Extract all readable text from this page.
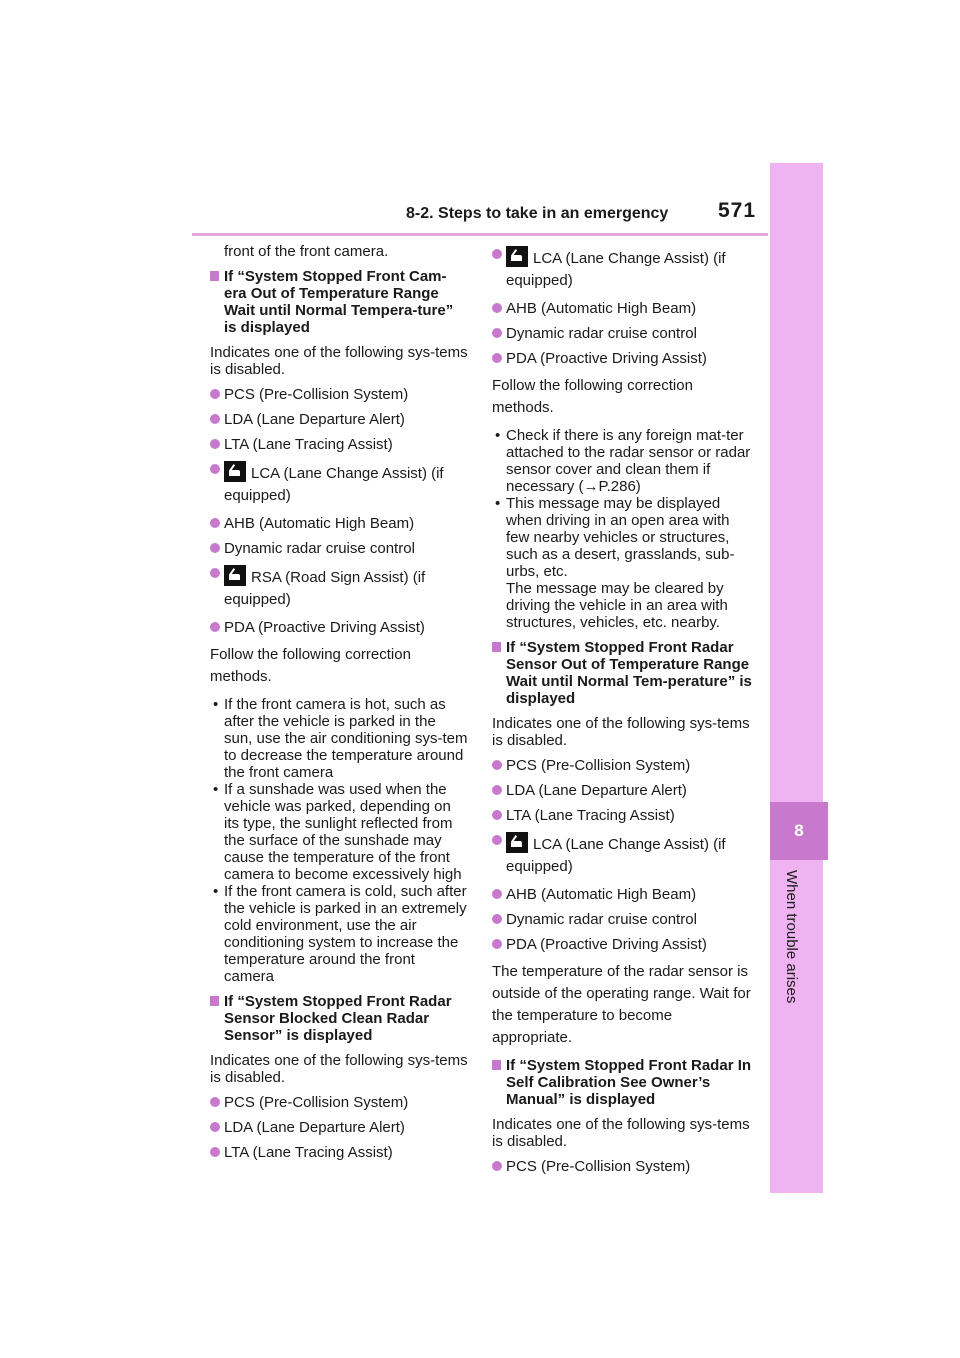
8-2. Steps to take in an emergency 571
8
When trouble arises
front of the front camera.
If “System Stopped Front Cam-era Out of Temperature Range Wait until Normal Tempera-ture” is displayed
Indicates one of the following sys-tems is disabled.
PCS (Pre-Collision System)
LDA (Lane Departure Alert)
LTA (Lane Tracing Assist)
LCA (Lane Change Assist) (if equipped)
AHB (Automatic High Beam)
Dynamic radar cruise control
RSA (Road Sign Assist) (if equipped)
PDA (Proactive Driving Assist)
Follow the following correction methods.
• If the front camera is hot, such as after the vehicle is parked in the sun, use the air conditioning sys-tem to decrease the temperature around the front camera
• If a sunshade was used when the vehicle was parked, depending on its type, the sunlight reflected from the surface of the sunshade may cause the temperature of the front camera to become excessively high
• If the front camera is cold, such after the vehicle is parked in an extremely cold environment, use the air conditioning system to increase the temperature around the front camera
If “System Stopped Front Radar Sensor Blocked Clean Radar Sensor” is displayed
Indicates one of the following sys-tems is disabled.
PCS (Pre-Collision System)
LDA (Lane Departure Alert)
LTA (Lane Tracing Assist)
LCA (Lane Change Assist) (if equipped)
AHB (Automatic High Beam)
Dynamic radar cruise control
PDA (Proactive Driving Assist)
Follow the following correction methods.
• Check if there is any foreign mat-ter attached to the radar sensor or radar sensor cover and clean them if necessary (→P.286)
• This message may be displayed when driving in an open area with few nearby vehicles or structures, such as a desert, grasslands, sub-urbs, etc.
The message may be cleared by driving the vehicle in an area with structures, vehicles, etc. nearby.
If “System Stopped Front Radar Sensor Out of Temperature Range Wait until Normal Tem-perature” is displayed
Indicates one of the following sys-tems is disabled.
PCS (Pre-Collision System)
LDA (Lane Departure Alert)
LTA (Lane Tracing Assist)
LCA (Lane Change Assist) (if equipped)
AHB (Automatic High Beam)
Dynamic radar cruise control
PDA (Proactive Driving Assist)
The temperature of the radar sensor is outside of the operating range. Wait for the temperature to become appropriate.
If “System Stopped Front Radar In Self Calibration See Owner’s Manual” is displayed
Indicates one of the following sys-tems is disabled.
PCS (Pre-Collision System)
